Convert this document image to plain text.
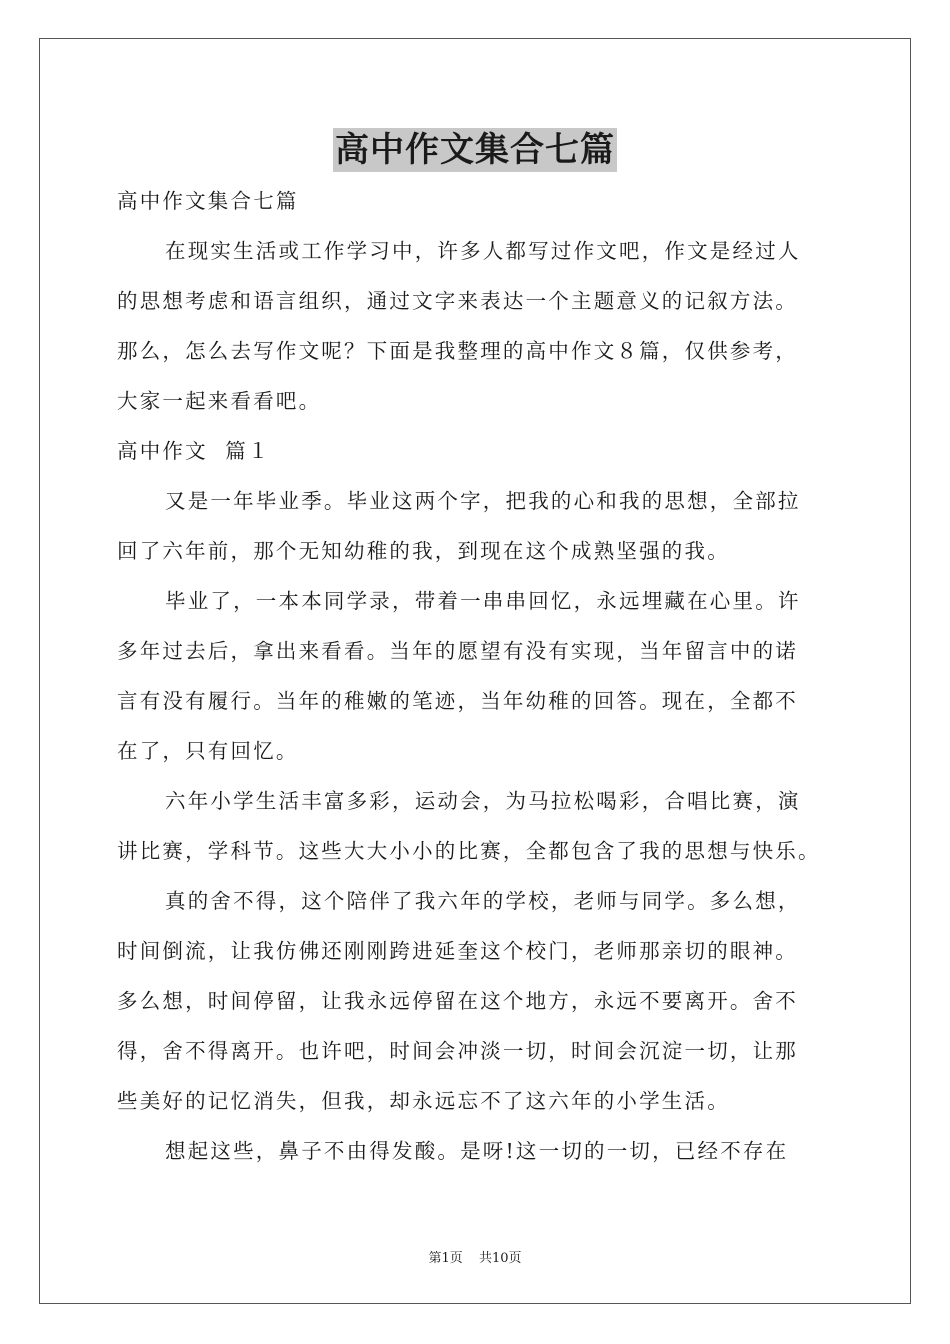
高中作文集合七篇
高中作文集合七篇
在现实生活或工作学习中，许多人都写过作文吧，作文是经过人
的思想考虑和语言组织，通过文字来表达一个主题意义的记叙方法。
那么，怎么去写作文呢？下面是我整理的高中作文８篇，仅供参考，
大家一起来看看吧。
高中作文  篇１
又是一年毕业季。毕业这两个字，把我的心和我的思想，全部拉
回了六年前，那个无知幼稚的我，到现在这个成熟坚强的我。
毕业了，一本本同学录，带着一串串回忆，永远埋藏在心里。许
多年过去后，拿出来看看。当年的愿望有没有实现，当年留言中的诺
言有没有履行。当年的稚嫩的笔迹，当年幼稚的回答。现在，全都不
在了，只有回忆。
六年小学生活丰富多彩，运动会，为马拉松喝彩，合唱比赛，演
讲比赛，学科节。这些大大小小的比赛，全都包含了我的思想与快乐。
真的舍不得，这个陪伴了我六年的学校，老师与同学。多么想，
时间倒流，让我仿佛还刚刚跨进延奎这个校门，老师那亲切的眼神。
多么想，时间停留，让我永远停留在这个地方，永远不要离开。舍不
得，舍不得离开。也许吧，时间会冲淡一切，时间会沉淀一切，让那
些美好的记忆消失，但我，却永远忘不了这六年的小学生活。
想起这些，鼻子不由得发酸。是呀!这一切的一切，已经不存在
第1页 共10页
